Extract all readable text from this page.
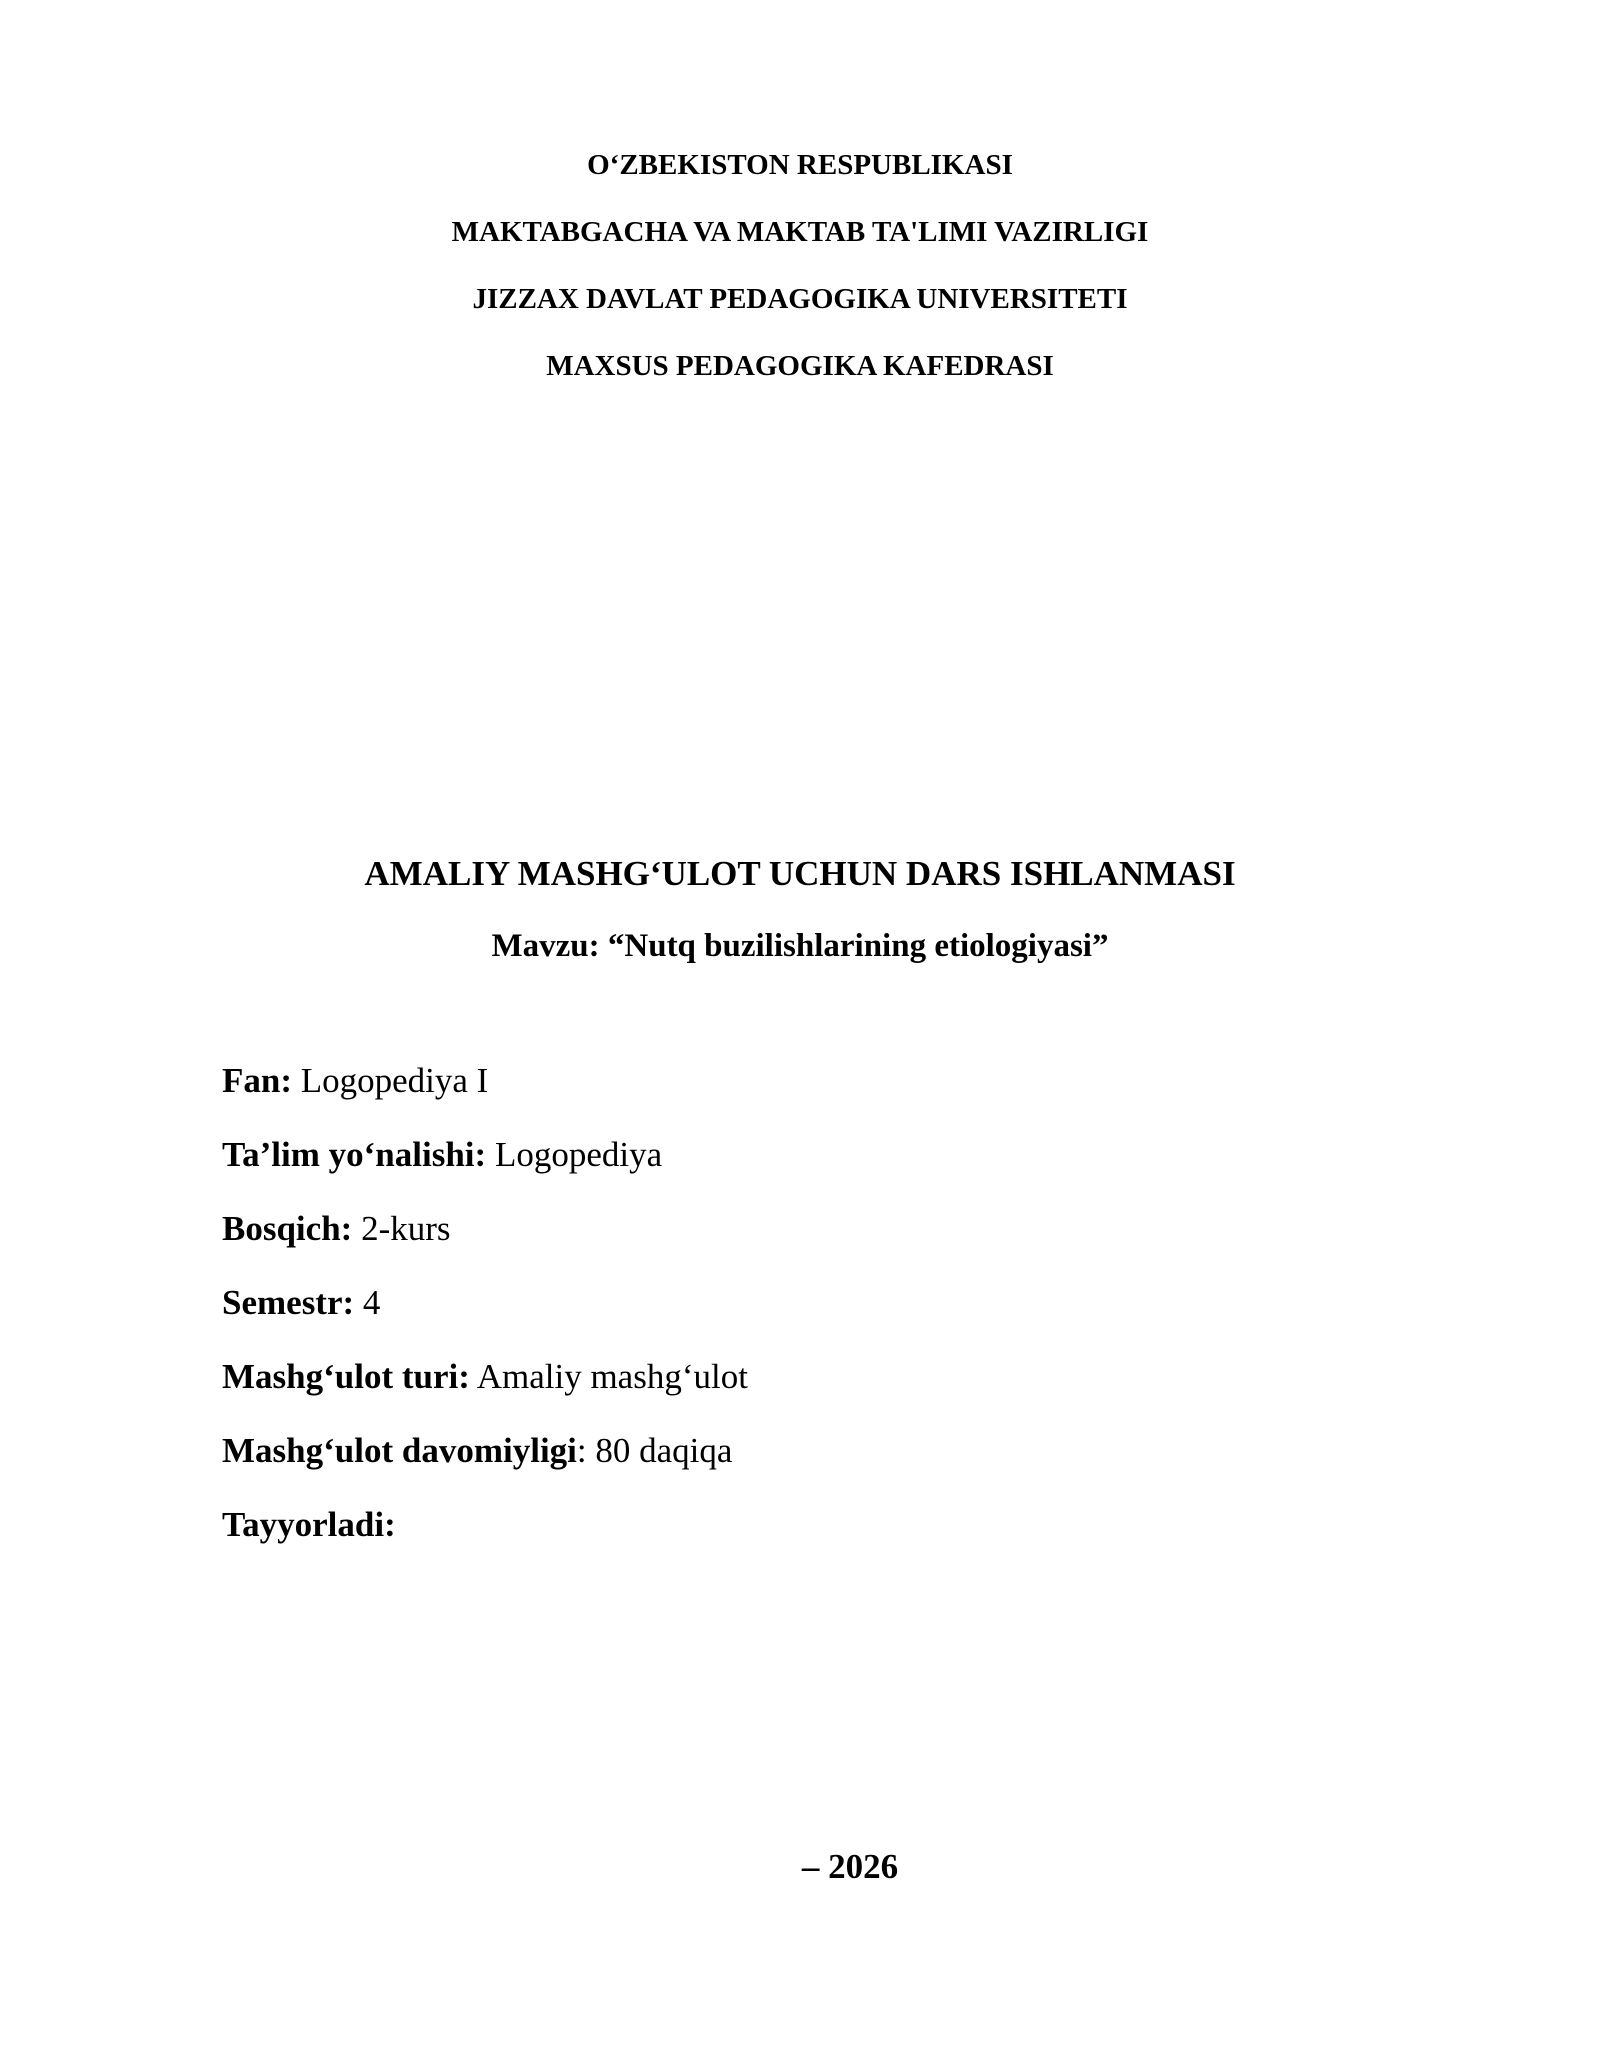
O‘ZBEKISTON RESPUBLIKASI
MAKTABGACHA VA MAKTAB TA'LIMI VAZIRLIGI
JIZZAX DAVLAT PEDAGOGIKA UNIVERSITETI
MAXSUS PEDAGOGIKA KAFEDRASI
AMALIY MASHG‘ULOT UCHUN DARS ISHLANMASI
Mavzu: “Nutq buzilishlarining etiologiyasi”
Fan: Logopediya I
Ta’lim yo‘nalishi: Logopediya
Bosqich: 2-kurs
Semestr: 4
Mashg‘ulot turi: Amaliy mashg‘ulot
Mashg‘ulot davomiyligi: 80 daqiqa
Tayyorladi:
– 2026
